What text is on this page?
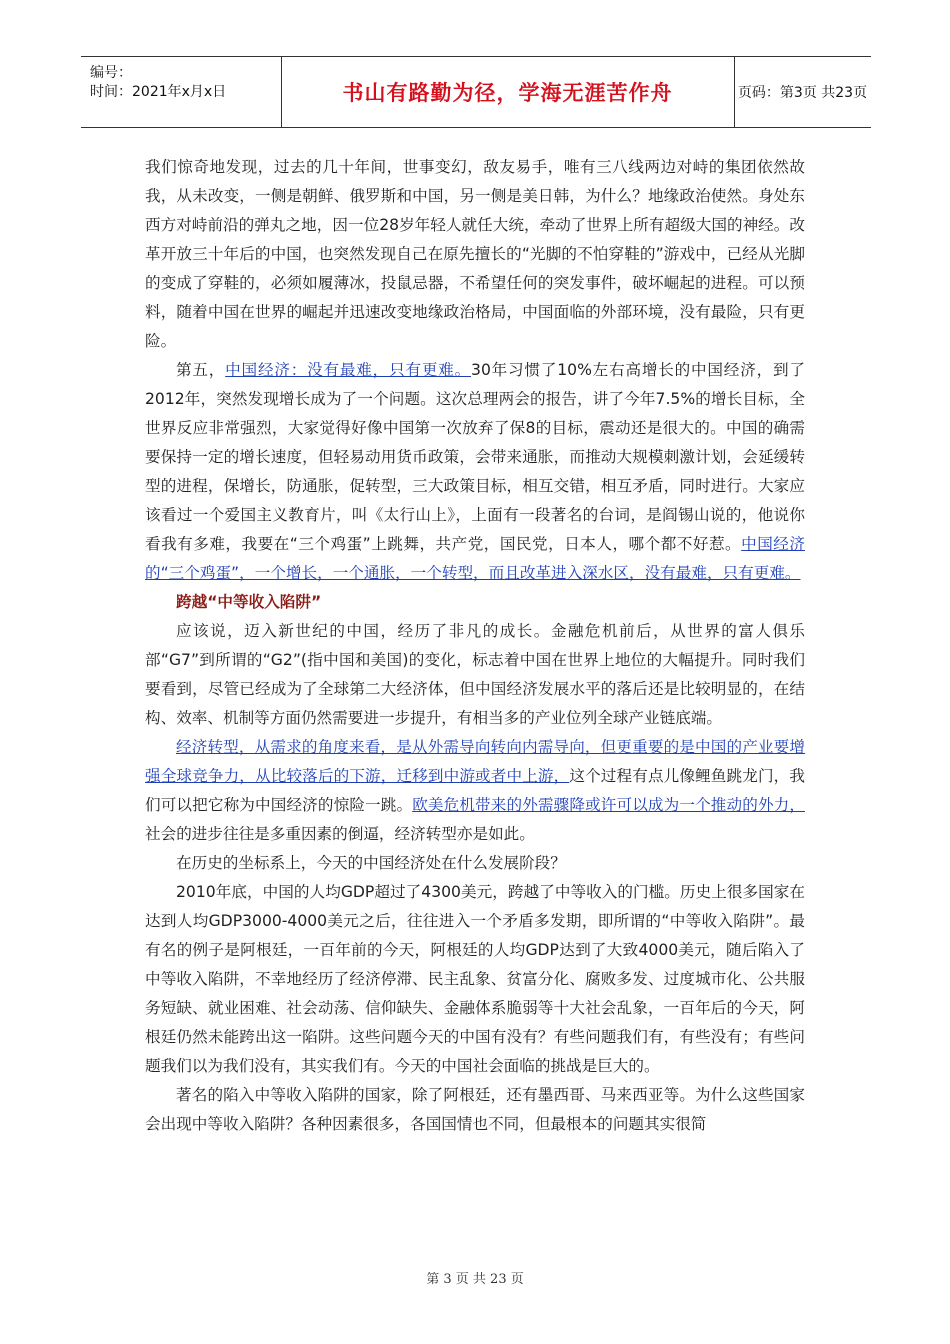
编号：
时间：2021年x月x日	书山有路勤为径，学海无涯苦作舟	页码：第3页 共23页

我们惊奇地发现，过去的几十年间，世事变幻，敌友易手，唯有三八线两边对峙的集团依然故我，从未改变，一侧是朝鲜、俄罗斯和中国，另一侧是美日韩，为什么？地缘政治使然。身处东西方对峙前沿的弹丸之地，因一位28岁年轻人就任大统，牵动了世界上所有超级大国的神经。改革开放三十年后的中国，也突然发现自己在原先擅长的“光脚的不怕穿鞋的”游戏中，已经从光脚的变成了穿鞋的，必须如履薄冰，投鼠忌器，不希望任何的突发事件，破坏崛起的进程。可以预料，随着中国在世界的崛起并迅速改变地缘政治格局，中国面临的外部环境，没有最险，只有更险。

第五，中国经济：没有最难，只有更难。30年习惯了10%左右高增长的中国经济，到了2012年，突然发现增长成为了一个问题。这次总理两会的报告，讲了今年7.5%的增长目标，全世界反应非常强烈，大家觉得好像中国第一次放弃了保8的目标，震动还是很大的。中国的确需要保持一定的增长速度，但轻易动用货币政策，会带来通胀，而推动大规模刺激计划，会延缓转型的进程，保增长，防通胀，促转型，三大政策目标，相互交错，相互矛盾，同时进行。大家应该看过一个爱国主义教育片，叫《太行山上》，上面有一段著名的台词，是阎锡山说的，他说你看我有多难，我要在“三个鸡蛋”上跳舞，共产党，国民党，日本人，哪个都不好惹。中国经济的“三个鸡蛋”，一个增长，一个通胀，一个转型，而且改革进入深水区，没有最难，只有更难。

跨越“中等收入陷阱”

应该说，迈入新世纪的中国，经历了非凡的成长。金融危机前后，从世界的富人俱乐部“G7”到所谓的“G2”(指中国和美国)的变化，标志着中国在世界上地位的大幅提升。同时我们要看到，尽管已经成为了全球第二大经济体，但中国经济发展水平的落后还是比较明显的，在结构、效率、机制等方面仍然需要进一步提升，有相当多的产业位列全球产业链底端。

经济转型，从需求的角度来看，是从外需导向转向内需导向，但更重要的是中国的产业要增强全球竞争力，从比较落后的下游，迁移到中游或者中上游，这个过程有点儿像鲤鱼跳龙门，我们可以把它称为中国经济的惊险一跳。欧美危机带来的外需骤降或许可以成为一个推动的外力，社会的进步往往是多重因素的倒逼，经济转型亦是如此。

在历史的坐标系上，今天的中国经济处在什么发展阶段？

2010年底，中国的人均GDP超过了4300美元，跨越了中等收入的门槛。历史上很多国家在达到人均GDP3000-4000美元之后，往往进入一个矛盾多发期，即所谓的“中等收入陷阱”。最有名的例子是阿根廷，一百年前的今天，阿根廷的人均GDP达到了大致4000美元，随后陷入了中等收入陷阱，不幸地经历了经济停滞、民主乱象、贫富分化、腐败多发、过度城市化、公共服务短缺、就业困难、社会动荡、信仰缺失、金融体系脆弱等十大社会乱象，一百年后的今天，阿根廷仍然未能跨出这一陷阱。这些问题今天的中国有没有？有些问题我们有，有些没有；有些问题我们以为我们没有，其实我们有。今天的中国社会面临的挑战是巨大的。

著名的陷入中等收入陷阱的国家，除了阿根廷，还有墨西哥、马来西亚等。为什么这些国家会出现中等收入陷阱？各种因素很多，各国国情也不同，但最根本的问题其实很简

第 3 页 共 23 页
